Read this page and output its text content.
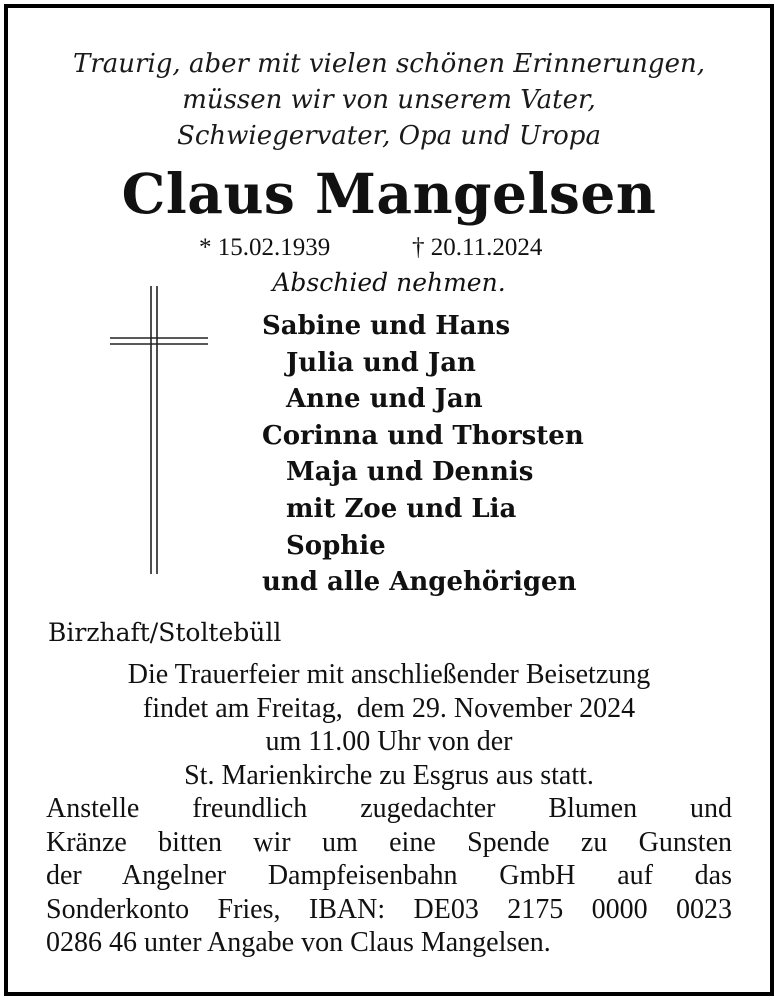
Traurig, aber mit vielen schönen Erinnerungen,
müssen wir von unserem Vater,
Schwiegervater, Opa und Uropa
Claus Mangelsen
* 15.02.1939	† 20.11.2024
Abschied nehmen.
Sabine und Hans
Julia und Jan
Anne und Jan
Corinna und Thorsten
Maja und Dennis
mit Zoe und Lia
Sophie
und alle Angehörigen
Birzhaft/Stoltebüll
Die Trauerfeier mit anschließender Beisetzung
findet am Freitag,  dem 29. November 2024
um 11.00 Uhr von der
St. Marienkirche zu Esgrus aus statt.
Anstelle freundlich zugedachter Blumen und
Kränze bitten wir um eine Spende zu Gunsten
der Angelner Dampfeisenbahn GmbH auf das
Sonderkonto Fries, IBAN: DE03 2175 0000 0023
0286 46 unter Angabe von Claus Mangelsen.
